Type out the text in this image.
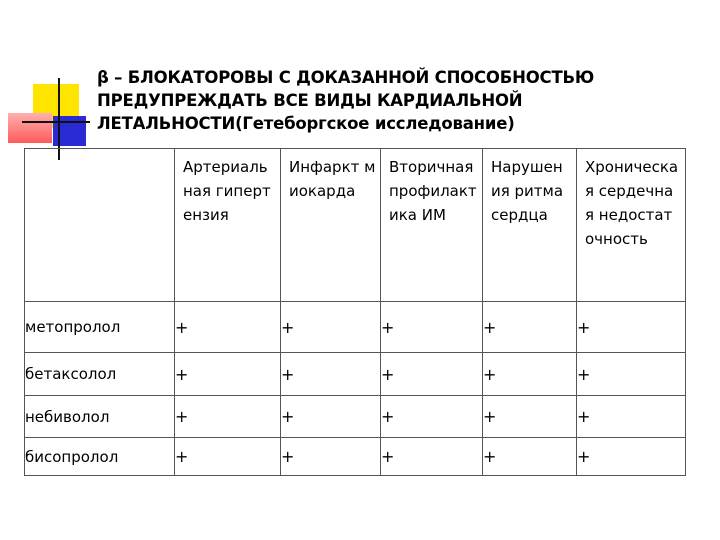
β – БЛОКАТОРОВЫ С ДОКАЗАННОЙ СПОСОБНОСТЬЮ ПРЕДУПРЕЖДАТЬ ВСЕ ВИДЫ КАРДИАЛЬНОЙ ЛЕТАЛЬНОСТИ(Гетеборгское исследование)

	Артериальная гипертензия	Инфаркт миокарда	Вторичная профилактика ИМ	Нарушения ритма сердца	Хроническая сердечная недостаточность

метопролол	+	+	+	+	+
бетаксолол	+	+	+	+	+
небиволол	+	+	+	+	+
бисопролол	+	+	+	+	+
